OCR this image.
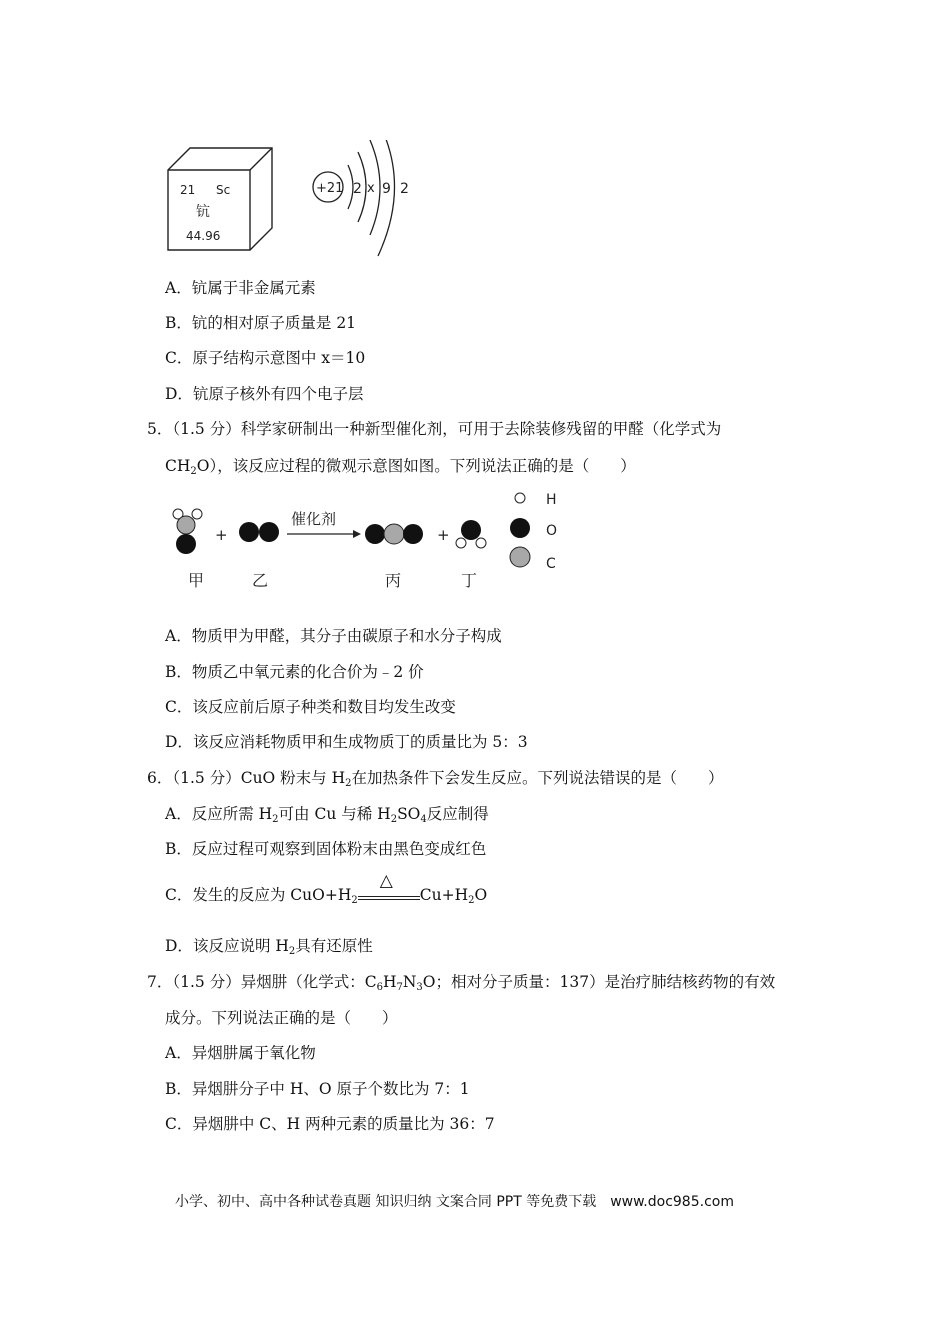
21 Sc
钪
44.96
+21 2 x 9 2
A．钪属于非金属元素
B．钪的相对原子质量是 21
C．原子结构示意图中 x＝10
D．钪原子核外有四个电子层
5．（1.5 分）科学家研制出一种新型催化剂，可用于去除装修残留的甲醛（化学式为
$CH_2O$），该反应过程的微观示意图如图。下列说法正确的是（　　）
+
催化剂
+
甲	乙	丙	丁
H
O
C
A．物质甲为甲醛，其分子由碳原子和水分子构成
B．物质乙中氧元素的化合价为﹣2 价
C．该反应前后原子种类和数目均发生改变
D．该反应消耗物质甲和生成物质丁的质量比为 5：3
6．（1.5 分）CuO 粉末与 $H_2$在加热条件下会发生反应。下列说法错误的是（　　）
A．反应所需 $H_2$可由 Cu 与稀 $H_2SO_4$反应制得
B．反应过程可观察到固体粉末由黑色变成红色
C．发生的反应为 $CuO+H_2$
△
$Cu+H_2O$
D．该反应说明 $H_2$具有还原性
7．（1.5 分）异烟肼（化学式：$C_6H_7N_3O$；相对分子质量：137）是治疗肺结核药物的有效
成分。下列说法正确的是（　　）
A．异烟肼属于氧化物
B．异烟肼分子中 H、O 原子个数比为 7：1
C．异烟肼中 C、H 两种元素的质量比为 36：7
小学、初中、高中各种试卷真题 知识归纳 文案合同 PPT 等免费下载　www.doc985.com
